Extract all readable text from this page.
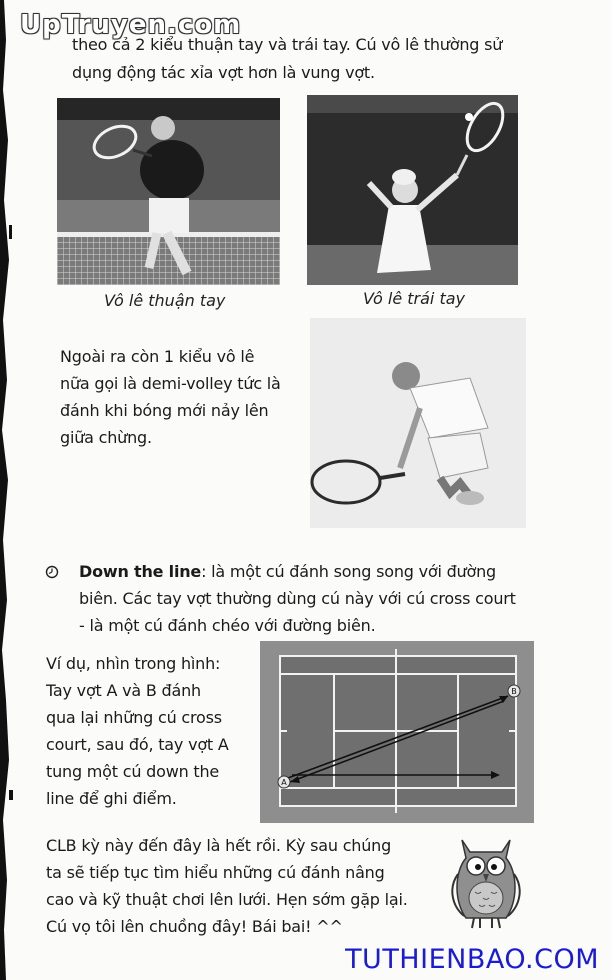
UpTruyen.com
theo cả 2 kiểu thuận tay và trái tay. Cú vô lê thường sử
dụng động tác xỉa vợt hơn là vung vợt.
Vô lê thuận tay	Vô lê trái tay
Ngoài ra còn 1 kiểu vô lê
nữa gọi là demi-volley tức là
đánh khi bóng mới nảy lên
giữa chừng.
Down the line: là một cú đánh song song với đường
biên. Các tay vợt thường dùng cú này với cú cross court
- là một cú đánh chéo với đường biên.
Ví dụ, nhìn trong hình:
Tay vợt A và B đánh
qua lại những cú cross
court, sau đó, tay vợt A
tung một cú down the
line để ghi điểm.
A
B
CLB kỳ này đến đây là hết rồi. Kỳ sau chúng
ta sẽ tiếp tục tìm hiểu những cú đánh nâng
cao và kỹ thuật chơi lên lưới. Hẹn sớm gặp lại.
Cú vọ tôi lên chuồng đây! Bái bai! ^^
TUTHIENBAO.COM
